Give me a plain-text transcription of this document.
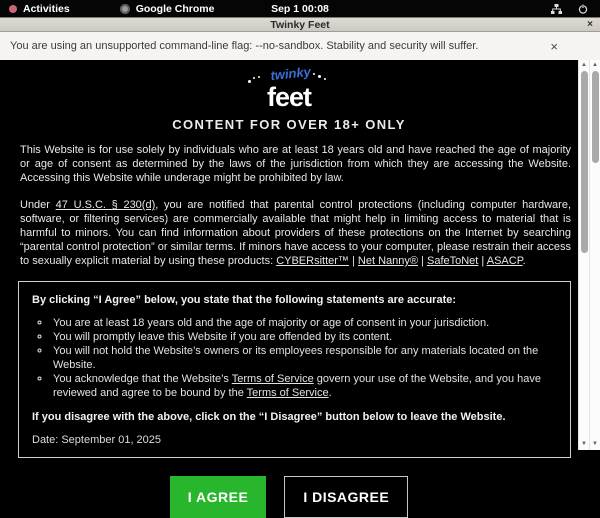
Activities	Google Chrome	Sep 1 00:08
Twinky Feet	×
You are using an unsupported command-line flag: --no-sandbox. Stability and security will suffer.	×
feet
twinky
CONTENT FOR OVER 18+ ONLY

This Website is for use solely by individuals who are at least 18 years old and have reached the age of majority or age of consent as determined by the laws of the jurisdiction from which they are accessing the Website. Accessing this Website while underage might be prohibited by law.

Under 47 U.S.C. § 230(d), you are notified that parental control protections (including computer hardware, software, or filtering services) are commercially available that might help in limiting access to material that is harmful to minors. You can find information about providers of these protections on the Internet by searching “parental control protection” or similar terms. If minors have access to your computer, please restrain their access to sexually explicit material by using these products: CYBERsitter™ | Net Nanny® | SafeToNet | ASACP.

By clicking “I Agree” below, you state that the following statements are accurate:
◦ You are at least 18 years old and the age of majority or age of consent in your jurisdiction.
◦ You will promptly leave this Website if you are offended by its content.
◦ You will not hold the Website’s owners or its employees responsible for any materials located on the Website.
◦ You acknowledge that the Website’s Terms of Service govern your use of the Website, and you have reviewed and agree to be bound by the Terms of Service.
If you disagree with the above, click on the “I Disagree” button below to leave the Website.
Date: September 01, 2025
I AGREE	I DISAGREE
▲
▼
▲
▼
